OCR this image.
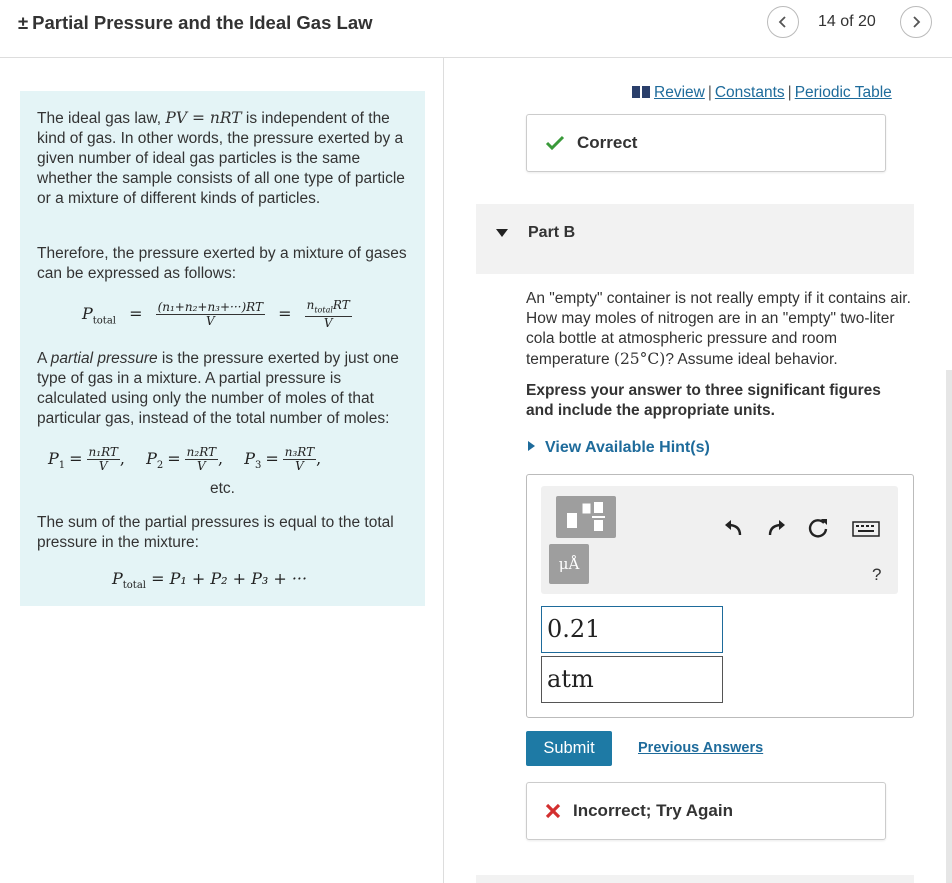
± Partial Pressure and the Ideal Gas Law	14 of 20
The ideal gas law, PV = nRT is independent of the kind of gas. In other words, the pressure exerted by a given number of ideal gas particles is the same whether the sample consists of all one type of particle or a mixture of different kinds of particles.
Therefore, the pressure exerted by a mixture of gases can be expressed as follows:
$P_{total} = \frac{\text{(n₁+n₂+n₃+···)RT}}{V} = \frac{n_{total}RT}{V}$
A partial pressure is the pressure exerted by just one type of gas in a mixture. A partial pressure is calculated using only the number of moles of that particular gas, instead of the total number of moles:
$P_1 = \frac{\text{n₁RT}}{V}$ , $P_2 = \frac{\text{n₂RT}}{V}$ , $P_3 = \frac{\text{n₃RT}}{V}$ ,
etc.
The sum of the partial pressures is equal to the total pressure in the mixture:
$P_{total} = P_1 + P_2 + P_3$ + ···
Review | Constants | Periodic Table
Correct
Part B
An "empty" container is not really empty if it contains air. How may moles of nitrogen are in an "empty" two-liter cola bottle at atmospheric pressure and room temperature (25°C)? Assume ideal behavior.
Express your answer to three significant figures and include the appropriate units.
View Available Hint(s)
μÅ
?
0.21
atm
Submit	Previous Answers
Incorrect; Try Again
